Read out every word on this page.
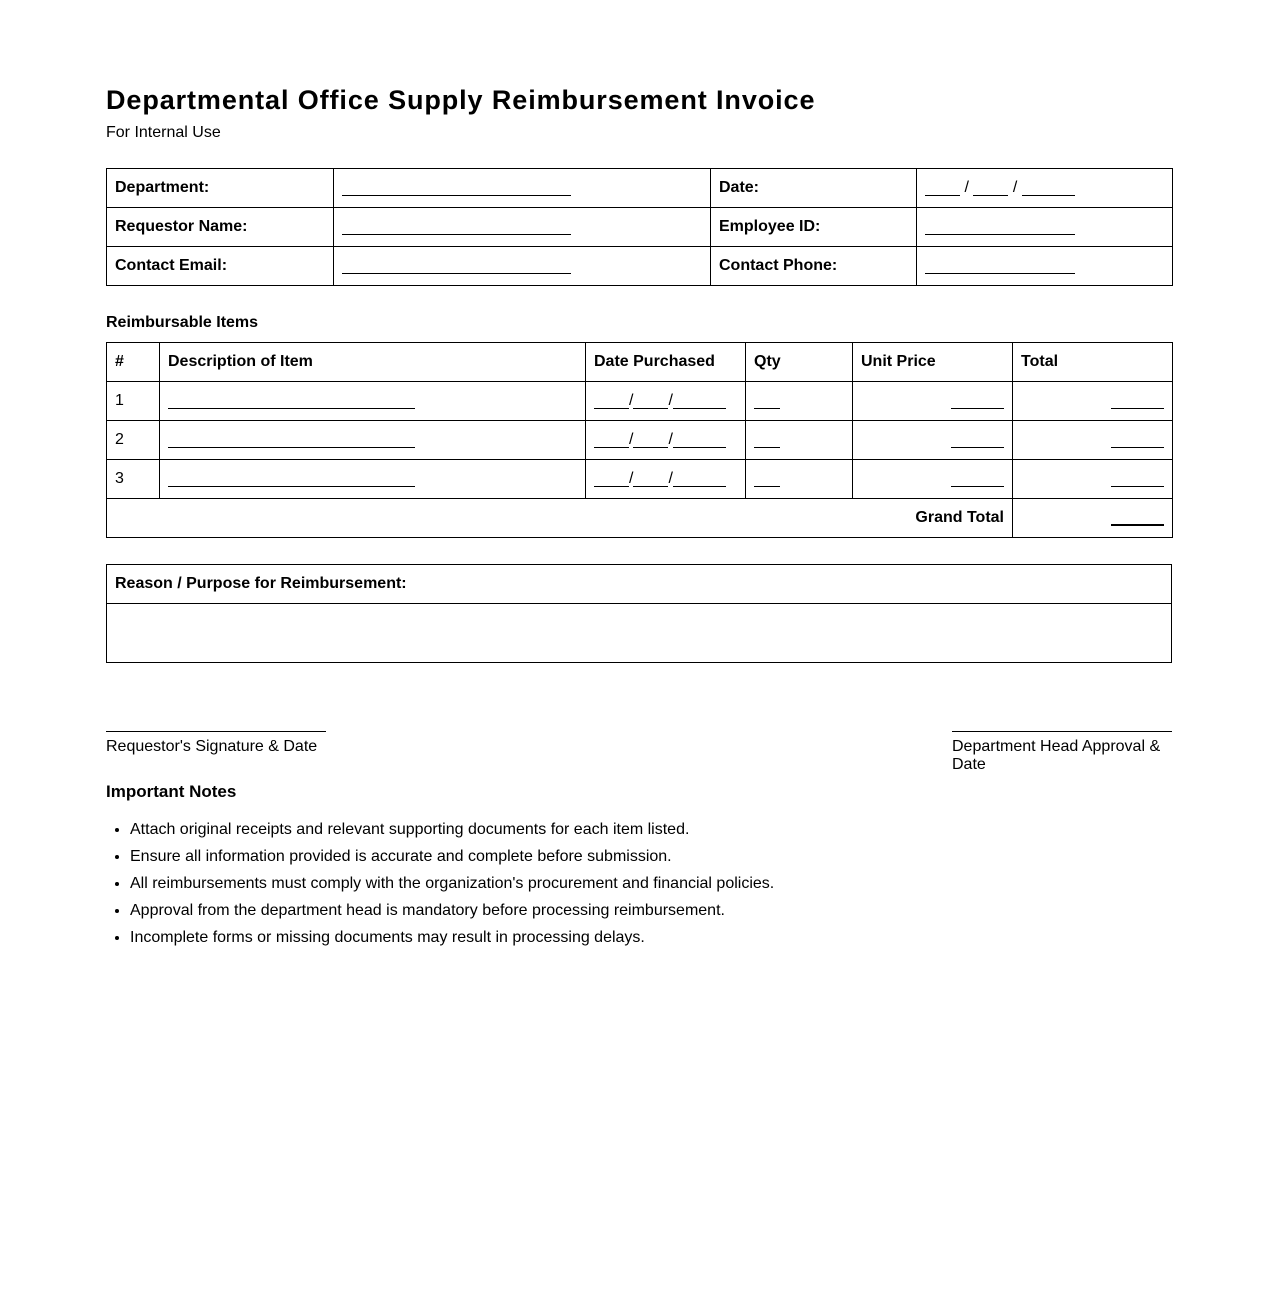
Departmental Office Supply Reimbursement Invoice
For Internal Use
Department:		Date:	/ /
Requestor Name:		Employee ID:	
Contact Email:		Contact Phone:	
Reimbursable Items
#	Description of Item	Date Purchased	Qty	Unit Price	Total
1		/ /			
2		/ /			
3		/ /			
Grand Total					
Reason / Purpose for Reimbursement:

Requestor's Signature & Date	Department Head Approval & Date
Important Notes
• Attach original receipts and relevant supporting documents for each item listed.
• Ensure all information provided is accurate and complete before submission.
• All reimbursements must comply with the organization's procurement and financial policies.
• Approval from the department head is mandatory before processing reimbursement.
• Incomplete forms or missing documents may result in processing delays.
